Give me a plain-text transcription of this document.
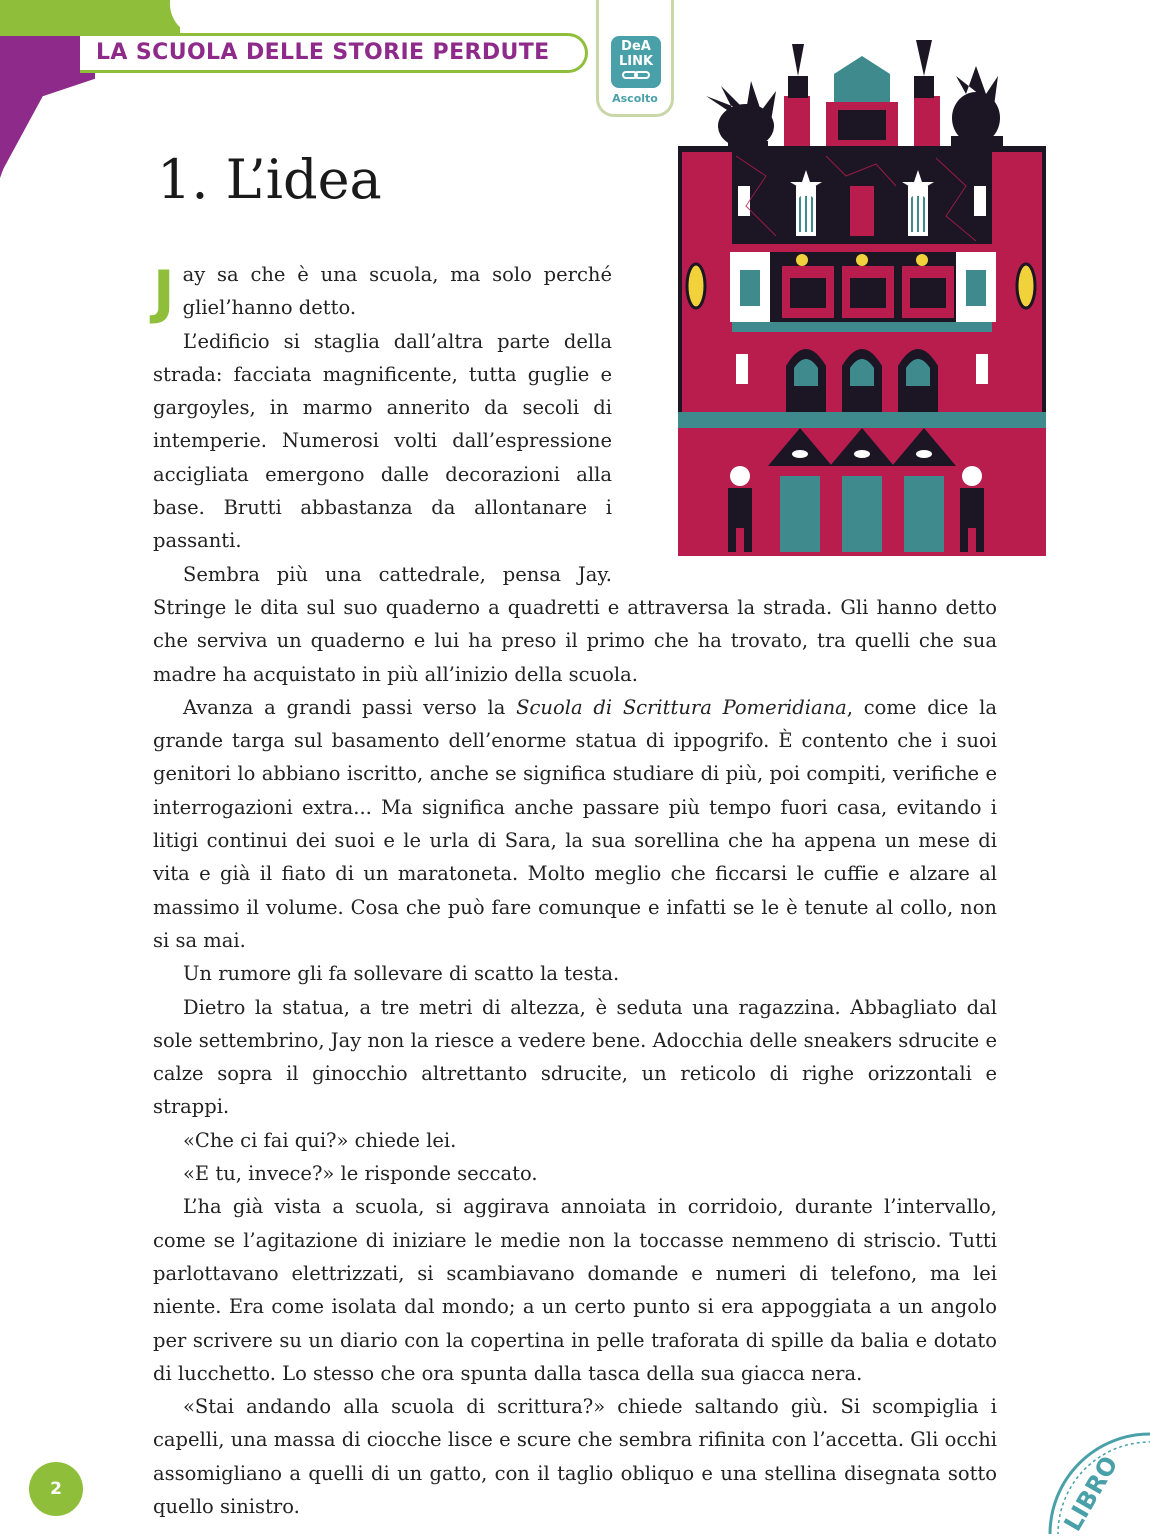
LA SCUOLA DELLE STORIE PERDUTE	DeA
LINK
Ascolto
1. L’idea

Jay sa che è una scuola, ma solo perché gliel’hanno detto.

L’edificio si staglia dall’altra parte della strada: facciata magnificente, tutta guglie e gargoyles, in marmo annerito da secoli di intemperie. Numerosi volti dall’espressione accigliata emergono dalle decorazioni alla base. Brutti abbastanza da allontanare i passanti.

Sembra più una cattedrale, pensa Jay. Stringe le dita sul suo quaderno a quadretti e attraversa la strada. Gli hanno detto che serviva un quaderno e lui ha preso il primo che ha trovato, tra quelli che sua madre ha acquistato in più all’inizio della scuola.

Avanza a grandi passi verso la Scuola di Scrittura Pomeridiana, come dice la grande targa sul basamento dell’enorme statua di ippogrifo. È contento che i suoi genitori lo abbiano iscritto, anche se significa studiare di più, poi compiti, verifiche e interrogazioni extra... Ma significa anche passare più tempo fuori casa, evitando i litigi continui dei suoi e le urla di Sara, la sua sorellina che ha appena un mese di vita e già il fiato di un maratoneta. Molto meglio che ficcarsi le cuffie e alzare al massimo il volume. Cosa che può fare comunque e infatti se le è tenute al collo, non si sa mai.

Un rumore gli fa sollevare di scatto la testa.

Dietro la statua, a tre metri di altezza, è seduta una ragazzina. Abbagliato dal sole settembrino, Jay non la riesce a vedere bene. Adocchia delle sneakers sdrucite e calze sopra il ginocchio altrettanto sdrucite, un reticolo di righe orizzontali e strappi.

«Che ci fai qui?» chiede lei.

«E tu, invece?» le risponde seccato.

L’ha già vista a scuola, si aggirava annoiata in corridoio, durante l’intervallo, come se l’agitazione di iniziare le medie non la toccasse nemmeno di striscio. Tutti parlottavano elettrizzati, si scambiavano domande e numeri di telefono, ma lei niente. Era come isolata dal mondo; a un certo punto si era appoggiata a un angolo per scrivere su un diario con la copertina in pelle traforata di spille da balia e dotato di lucchetto. Lo stesso che ora spunta dalla tasca della sua giacca nera.

«Stai andando alla scuola di scrittura?» chiede saltando giù. Si scompiglia i capelli, una massa di ciocche lisce e scure che sembra rifinita con l’accetta. Gli occhi assomigliano a quelli di un gatto, con il taglio obliquo e una stellina disegnata sotto quello sinistro.

2	LIBRO
